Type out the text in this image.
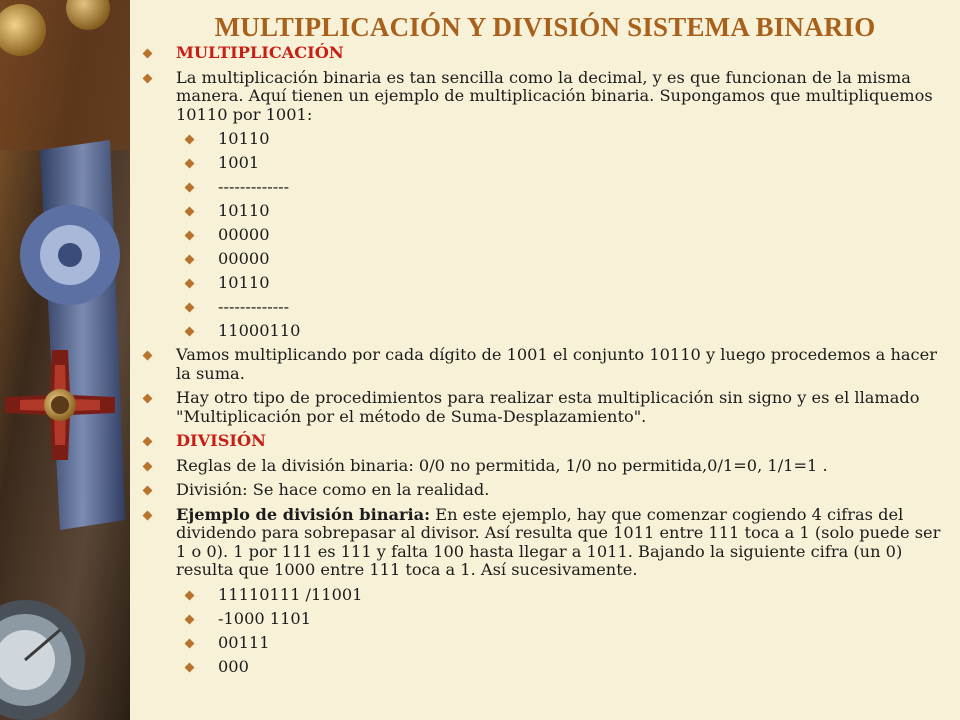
MULTIPLICACIÓN Y DIVISIÓN SISTEMA BINARIO
MULTIPLICACIÓN
La multiplicación binaria es tan sencilla como la decimal, y es que funcionan de la misma manera. Aquí tienen un ejemplo de multiplicación binaria. Supongamos que multipliquemos 10110 por 1001:
10110
1001
-------------
10110
00000
00000
10110
-------------
11000110
Vamos multiplicando por cada dígito de 1001 el conjunto 10110 y luego procedemos a hacer la suma.
Hay otro tipo de procedimientos para realizar esta multiplicación sin signo y es el llamado "Multiplicación por el método de Suma-Desplazamiento".
DIVISIÓN
Reglas de la división binaria: 0/0 no permitida, 1/0 no permitida,0/1=0, 1/1=1 .
División: Se hace como en la realidad.
Ejemplo de división binaria: En este ejemplo, hay que comenzar cogiendo 4 cifras del dividendo para sobrepasar al divisor. Así resulta que 1011 entre 111 toca a 1 (solo puede ser 1 o 0). 1 por 111 es 111 y falta 100 hasta llegar a 1011. Bajando la siguiente cifra (un 0) resulta que 1000 entre 111 toca a 1. Así sucesivamente.
11110111 /11001
-1000 1101
00111
000
